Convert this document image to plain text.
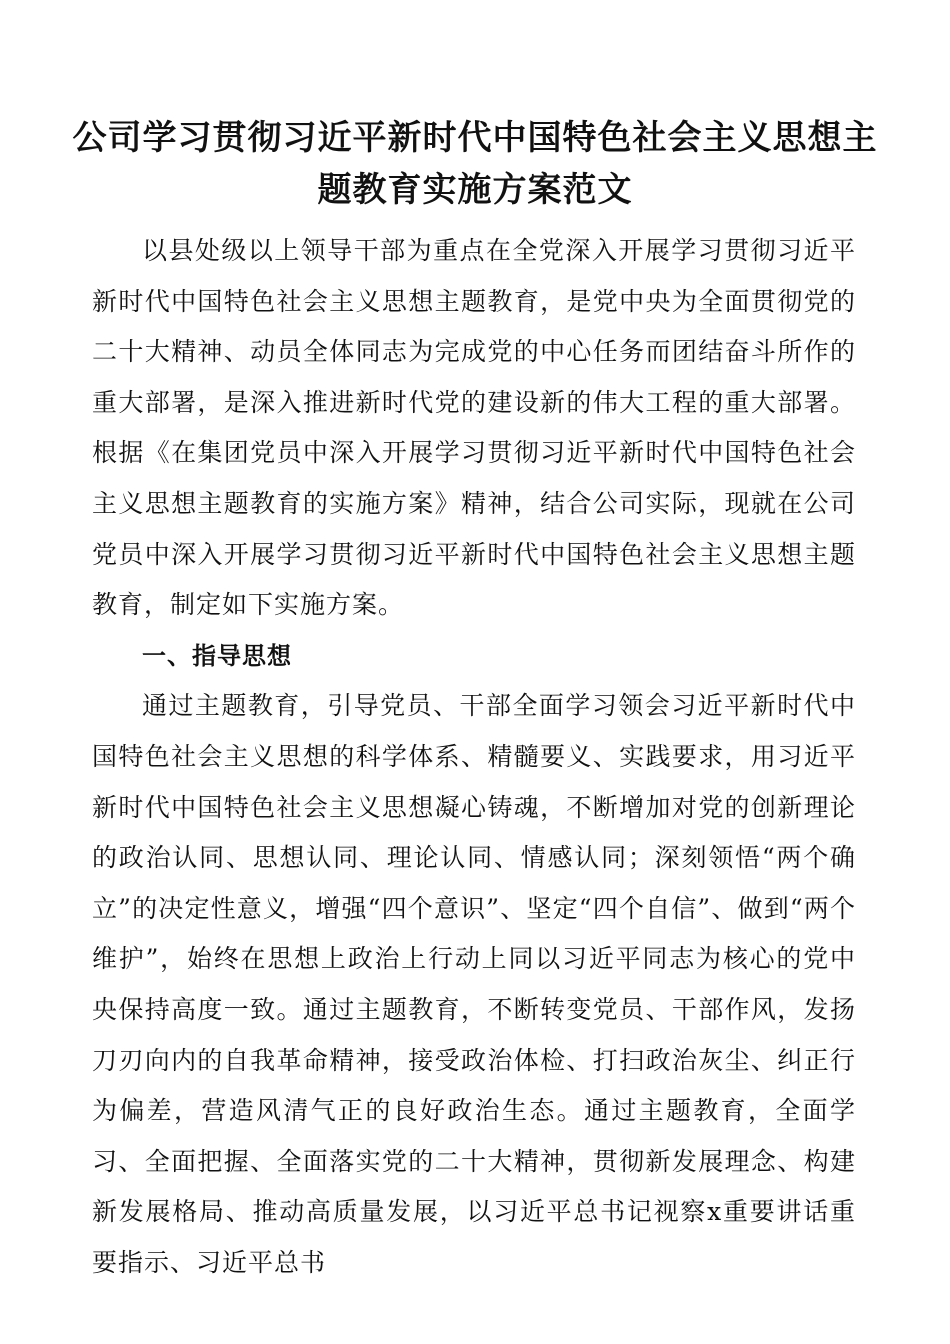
公司学习贯彻习近平新时代中国特色社会主义思想主题教育实施方案范文

以县处级以上领导干部为重点在全党深入开展学习贯彻习近平新时代中国特色社会主义思想主题教育，是党中央为全面贯彻党的二十大精神、动员全体同志为完成党的中心任务而团结奋斗所作的重大部署，是深入推进新时代党的建设新的伟大工程的重大部署。根据《在集团党员中深入开展学习贯彻习近平新时代中国特色社会主义思想主题教育的实施方案》精神，结合公司实际，现就在公司党员中深入开展学习贯彻习近平新时代中国特色社会主义思想主题教育，制定如下实施方案。

一、指导思想

通过主题教育，引导党员、干部全面学习领会习近平新时代中国特色社会主义思想的科学体系、精髓要义、实践要求，用习近平新时代中国特色社会主义思想凝心铸魂，不断增加对党的创新理论的政治认同、思想认同、理论认同、情感认同；深刻领悟“两个确立”的决定性意义，增强“四个意识”、坚定“四个自信”、做到“两个维护”，始终在思想上政治上行动上同以习近平同志为核心的党中央保持高度一致。通过主题教育，不断转变党员、干部作风，发扬刀刃向内的自我革命精神，接受政治体检、打扫政治灰尘、纠正行为偏差，营造风清气正的良好政治生态。通过主题教育，全面学习、全面把握、全面落实党的二十大精神，贯彻新发展理念、构建新发展格局、推动高质量发展，以习近平总书记视察x重要讲话重要指示、习近平总书
